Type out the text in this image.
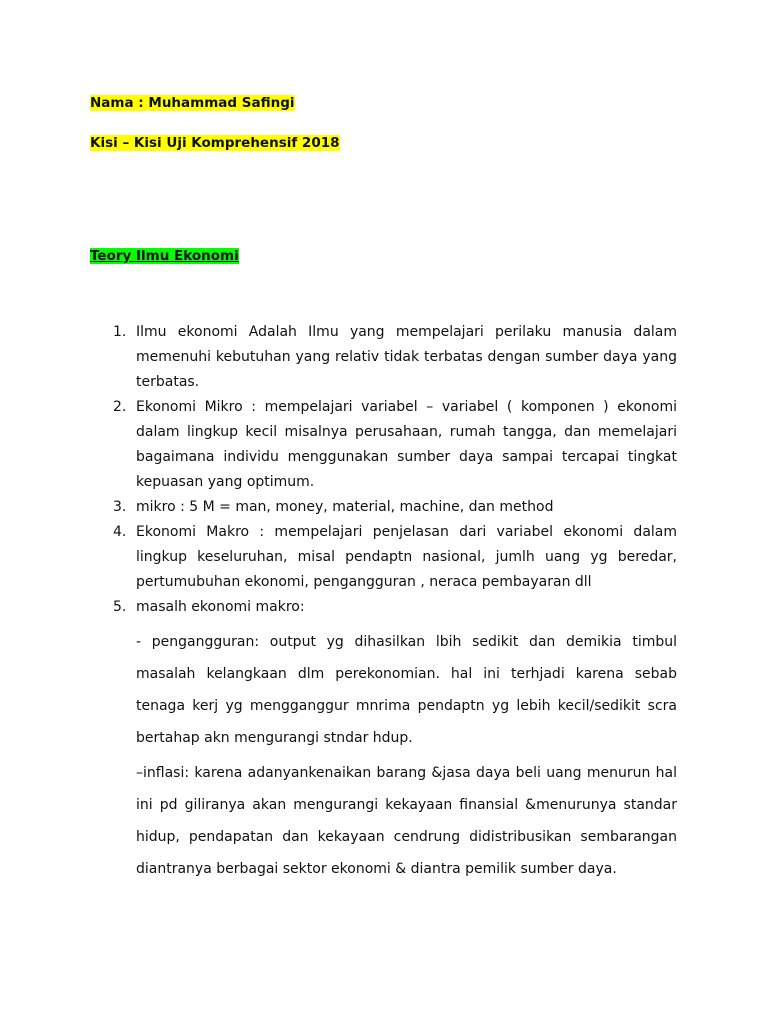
Nama : Muhammad Safingi
Kisi – Kisi Uji Komprehensif 2018
Teory Ilmu Ekonomi
1. Ilmu ekonomi Adalah Ilmu yang mempelajari perilaku manusia dalam memenuhi kebutuhan yang relativ tidak terbatas dengan sumber daya yang terbatas.
2. Ekonomi Mikro : mempelajari variabel – variabel ( komponen ) ekonomi dalam lingkup kecil misalnya perusahaan, rumah tangga, dan memelajari bagaimana individu menggunakan sumber daya sampai tercapai tingkat kepuasan yang optimum.
3. mikro : 5 M = man, money, material, machine, dan method
4. Ekonomi Makro : mempelajari penjelasan dari variabel ekonomi dalam lingkup keseluruhan, misal pendaptn nasional, jumlh uang yg beredar, pertumubuhan ekonomi, pengangguran , neraca pembayaran dll
5. masalh ekonomi makro:
- pengangguran: output yg dihasilkan lbih sedikit dan demikia timbul masalah kelangkaan dlm perekonomian. hal ini terhjadi karena sebab tenaga kerj yg mengganggur mnrima pendaptn yg lebih kecil/sedikit scra bertahap akn mengurangi stndar hdup.
–inflasi: karena adanyankenaikan barang &jasa daya beli uang menurun hal ini pd giliranya akan mengurangi kekayaan finansial &menurunya standar hidup, pendapatan dan kekayaan cendrung didistribusikan sembarangan diantranya berbagai sektor ekonomi & diantra pemilik sumber daya.
